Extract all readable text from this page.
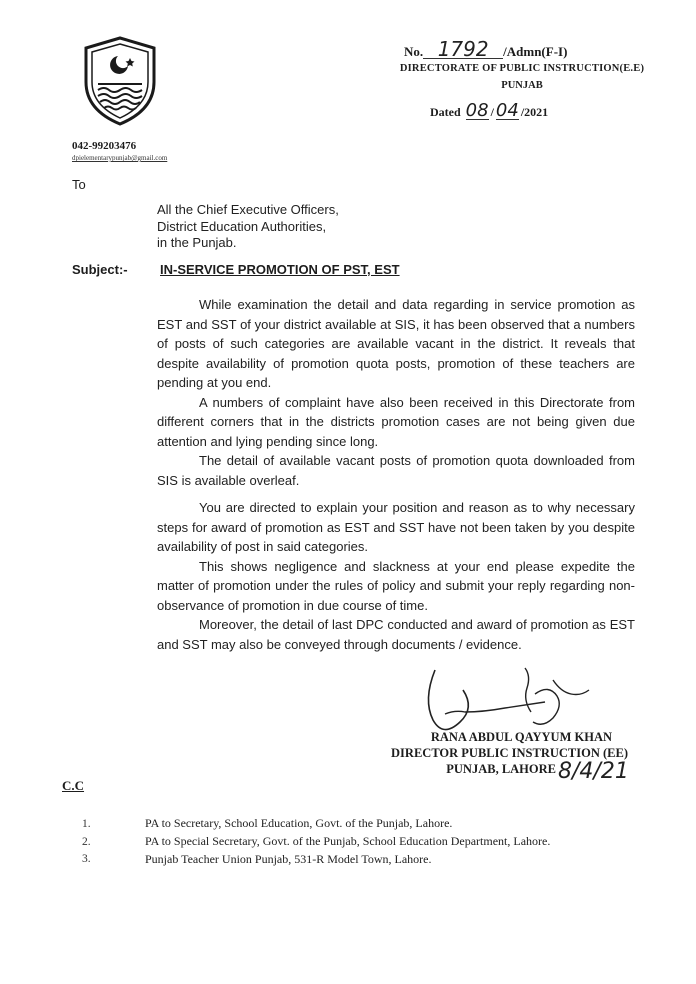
No. 1792 /Admn(F-I)
DIRECTORATE OF PUBLIC INSTRUCTION(E.E)
PUNJAB
Dated 08 / 04 /2021
042-99203476
dpielementarypunjab@gmail.com
To
All the Chief Executive Officers,
District Education Authorities,
in the Punjab.
Subject:- IN-SERVICE PROMOTION OF PST, EST

While examination the detail and data regarding in service promotion as EST and SST of your district available at SIS, it has been observed that a numbers of posts of such categories are available vacant in the district. It reveals that despite availability of promotion quota posts, promotion of these teachers are pending at you end.

A numbers of complaint have also been received in this Directorate from different corners that in the districts promotion cases are not being given due attention and lying pending since long.

The detail of available vacant posts of promotion quota downloaded from SIS is available overleaf.

You are directed to explain your position and reason as to why necessary steps for award of promotion as EST and SST have not been taken by you despite availability of post in said categories.

This shows negligence and slackness at your end please expedite the matter of promotion under the rules of policy and submit your reply regarding non-observance of promotion in due course of time.

Moreover, the detail of last DPC conducted and award of promotion as EST and SST may also be conveyed through documents / evidence.

RANA ABDUL QAYYUM KHAN
DIRECTOR PUBLIC INSTRUCTION (EE)
PUNJAB, LAHORE 8/4/21
C.C
1.	PA to Secretary, School Education, Govt. of the Punjab, Lahore.
2.	PA to Special Secretary, Govt. of the Punjab, School Education Department, Lahore.
3.	Punjab Teacher Union Punjab, 531-R Model Town, Lahore.
